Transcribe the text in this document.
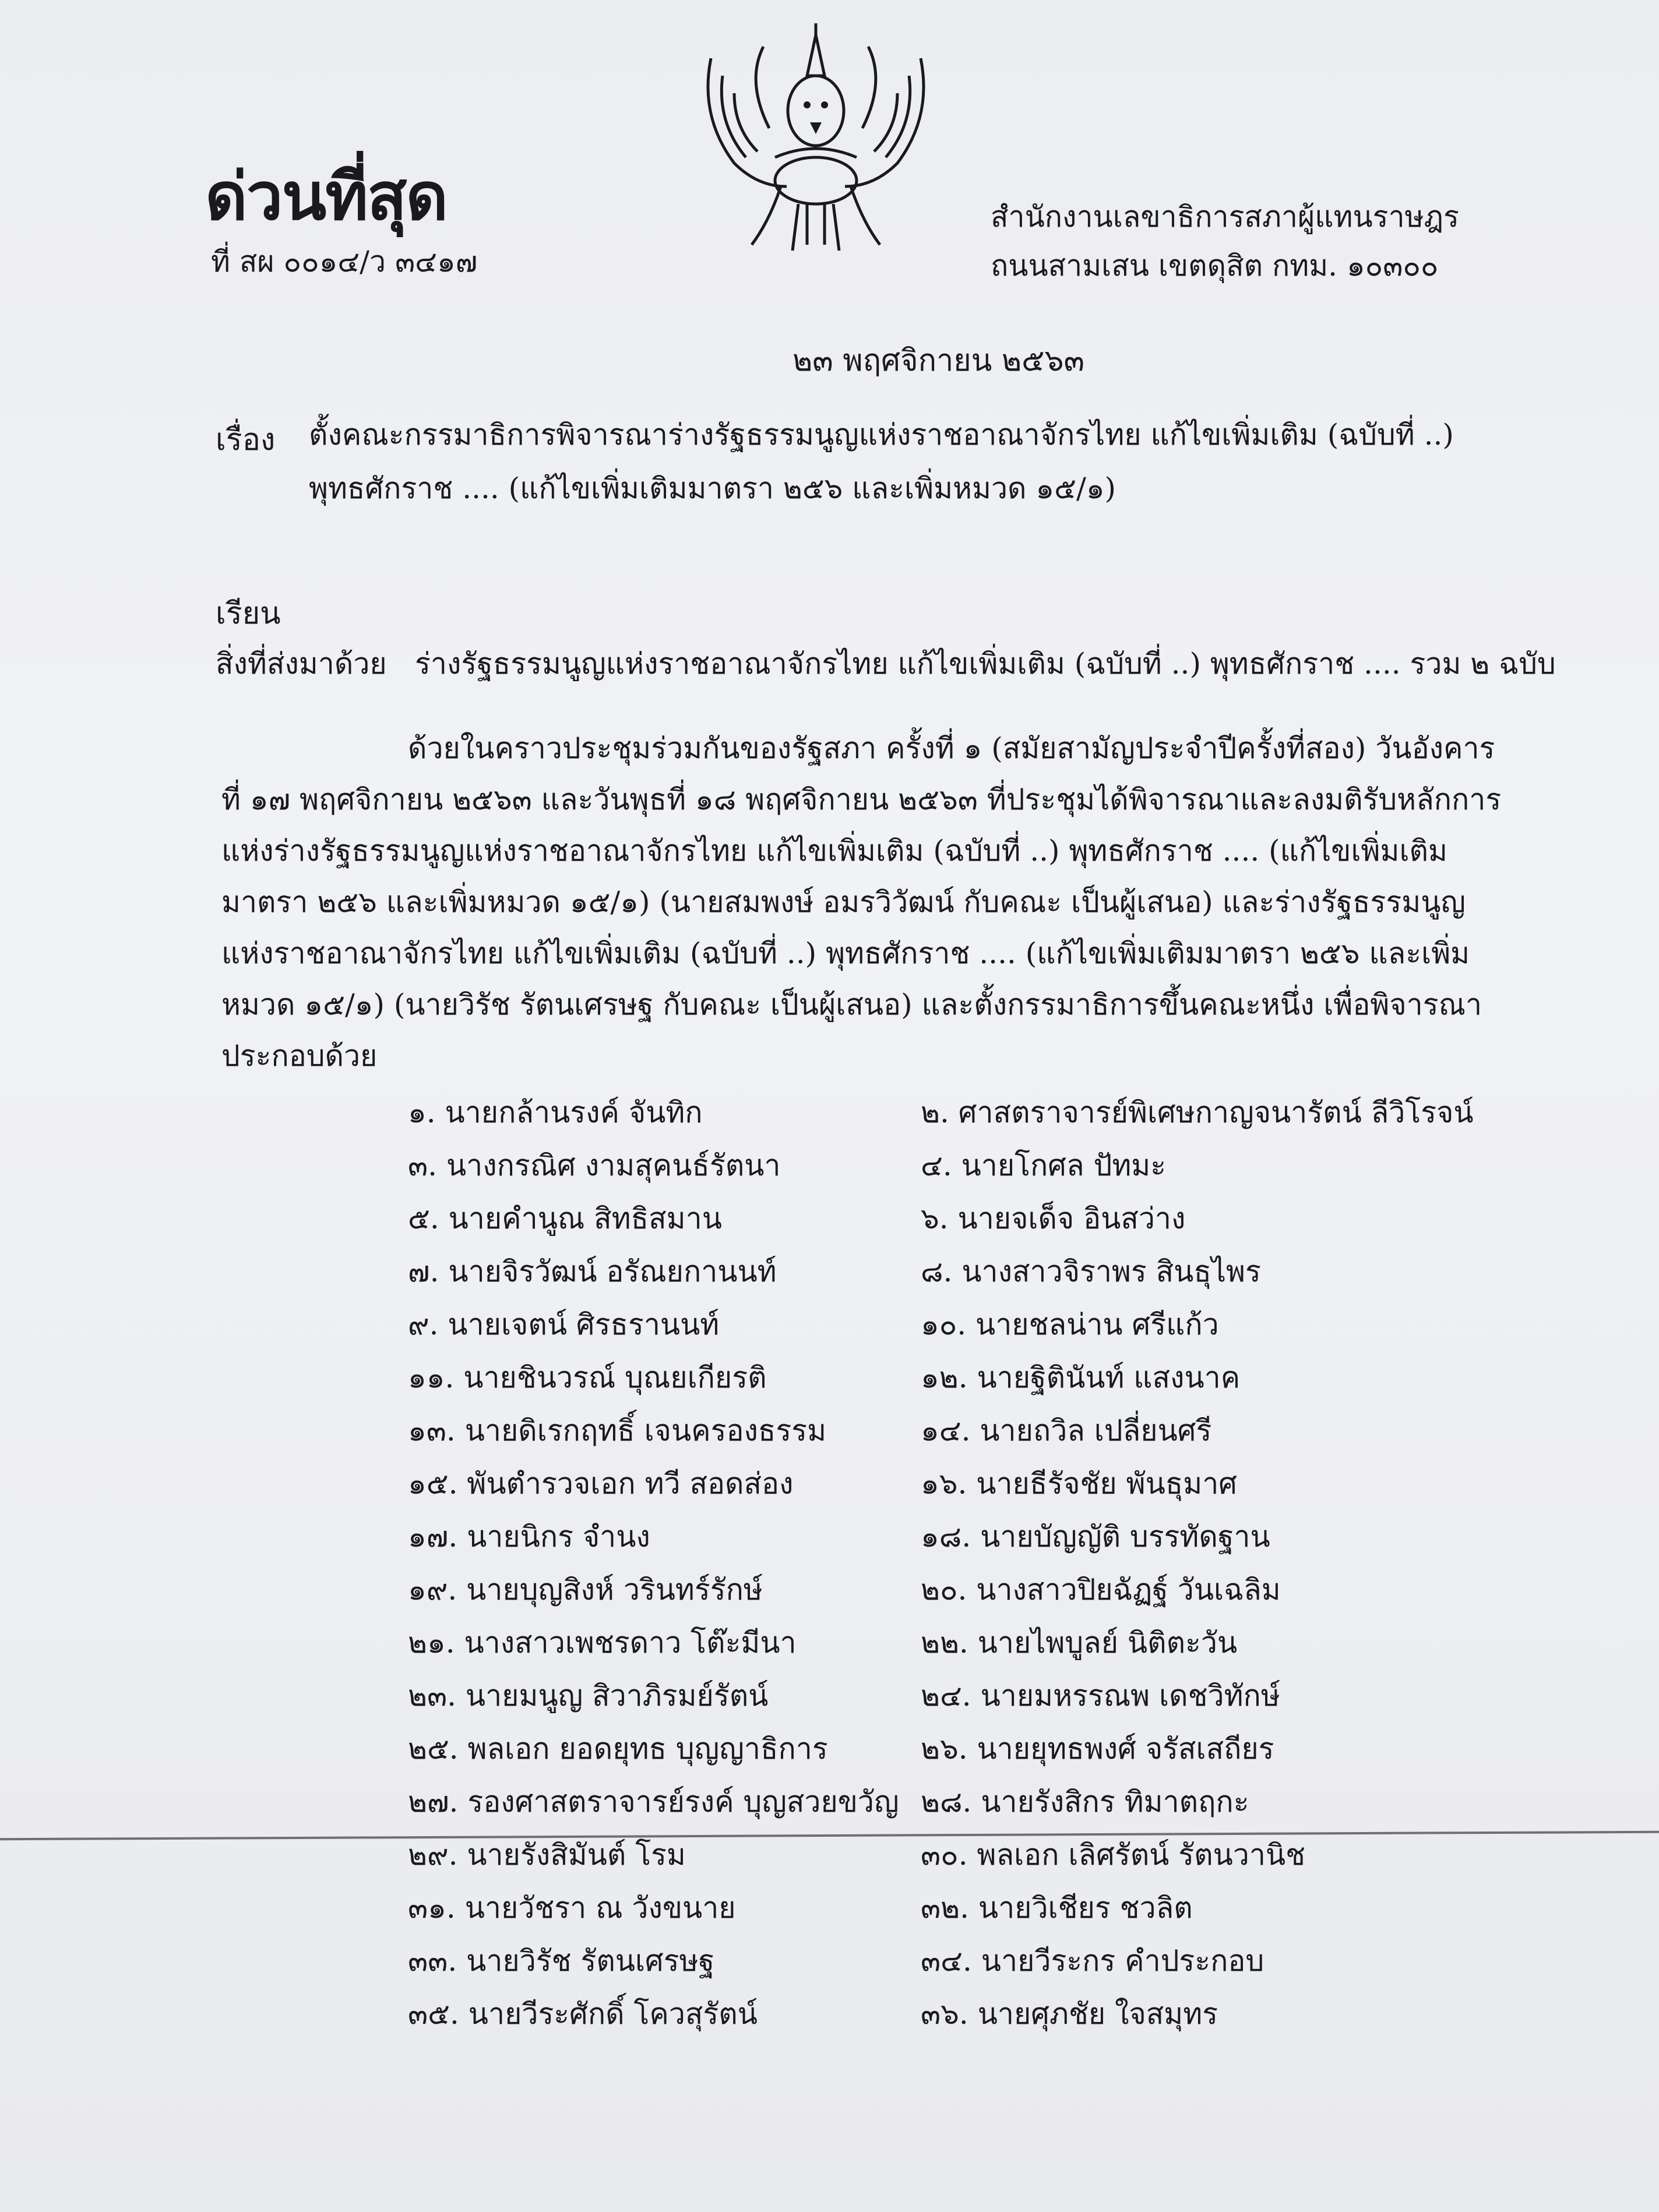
ด่วนที่สุด
ที่ สผ ๐๐๑๔/ว ๓๔๑๗
สำนักงานเลขาธิการสภาผู้แทนราษฎร
ถนนสามเสน เขตดุสิต กทม. ๑๐๓๐๐
๒๓ พฤศจิกายน ๒๕๖๓
เรื่อง ตั้งคณะกรรมาธิการพิจารณาร่างรัฐธรรมนูญแห่งราชอาณาจักรไทย แก้ไขเพิ่มเติม (ฉบับที่ ..)
พุทธศักราช .... (แก้ไขเพิ่มเติมมาตรา ๒๕๖ และเพิ่มหมวด ๑๕/๑)
เรียน
สิ่งที่ส่งมาด้วย ร่างรัฐธรรมนูญแห่งราชอาณาจักรไทย แก้ไขเพิ่มเติม (ฉบับที่ ..) พุทธศักราช .... รวม ๒ ฉบับ
ด้วยในคราวประชุมร่วมกันของรัฐสภา ครั้งที่ ๑ (สมัยสามัญประจำปีครั้งที่สอง) วันอังคารที่ ๑๗ พฤศจิกายน ๒๕๖๓ และวันพุธที่ ๑๘ พฤศจิกายน ๒๕๖๓ ที่ประชุมได้พิจารณาและลงมติรับหลักการแห่งร่างรัฐธรรมนูญแห่งราชอาณาจักรไทย แก้ไขเพิ่มเติม (ฉบับที่ ..) พุทธศักราช .... (แก้ไขเพิ่มเติมมาตรา ๒๕๖ และเพิ่มหมวด ๑๕/๑) (นายสมพงษ์ อมรวิวัฒน์ กับคณะ เป็นผู้เสนอ) และร่างรัฐธรรมนูญแห่งราชอาณาจักรไทย แก้ไขเพิ่มเติม (ฉบับที่ ..) พุทธศักราช .... (แก้ไขเพิ่มเติมมาตรา ๒๕๖ และเพิ่มหมวด ๑๕/๑) (นายวิรัช รัตนเศรษฐ กับคณะ เป็นผู้เสนอ) และตั้งกรรมาธิการขึ้นคณะหนึ่ง เพื่อพิจารณา ประกอบด้วย
๑. นายกล้านรงค์ จันทิก	๒. ศาสตราจารย์พิเศษกาญจนารัตน์ ลีวิโรจน์
๓. นางกรณิศ งามสุคนธ์รัตนา	๔. นายโกศล ปัทมะ
๕. นายคำนูณ สิทธิสมาน	๖. นายจเด็จ อินสว่าง
๗. นายจิรวัฒน์ อรัณยกานนท์	๘. นางสาวจิราพร สินธุไพร
๙. นายเจตน์ ศิรธรานนท์	๑๐. นายชลน่าน ศรีแก้ว
๑๑. นายชินวรณ์ บุณยเกียรติ	๑๒. นายฐิตินันท์ แสงนาค
๑๓. นายดิเรกฤทธิ์ เจนครองธรรม	๑๔. นายถวิล เปลี่ยนศรี
๑๕. พันตำรวจเอก ทวี สอดส่อง	๑๖. นายธีรัจชัย พันธุมาศ
๑๗. นายนิกร จำนง	๑๘. นายบัญญัติ บรรทัดฐาน
๑๙. นายบุญสิงห์ วรินทร์รักษ์	๒๐. นางสาวปิยฉัฏฐ์ วันเฉลิม
๒๑. นางสาวเพชรดาว โต๊ะมีนา	๒๒. นายไพบูลย์ นิติตะวัน
๒๓. นายมนูญ สิวาภิรมย์รัตน์	๒๔. นายมหรรณพ เดชวิทักษ์
๒๕. พลเอก ยอดยุทธ บุญญาธิการ	๒๖. นายยุทธพงศ์ จรัสเสถียร
๒๗. รองศาสตราจารย์รงค์ บุญสวยขวัญ ๒๘. นายรังสิกร ทิมาตฤกะ
๒๙. นายรังสิมันต์ โรม	๓๐. พลเอก เลิศรัตน์ รัตนวานิช
๓๑. นายวัชรา ณ วังขนาย	๓๒. นายวิเชียร ชวลิต
๓๓. นายวิรัช รัตนเศรษฐ	๓๔. นายวีระกร คำประกอบ
๓๕. นายวีระศักดิ์ โควสุรัตน์	๓๖. นายศุภชัย ใจสมุทร
